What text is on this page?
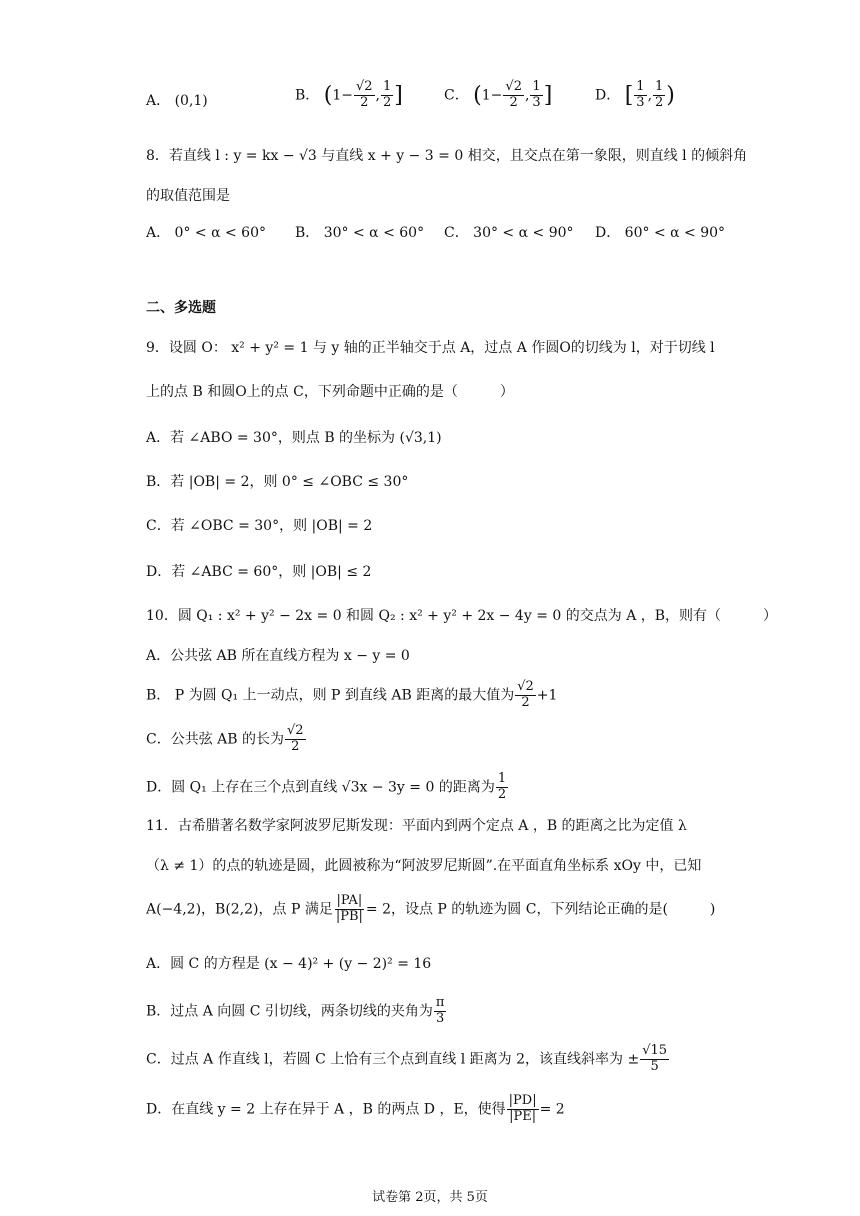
A． (0,1)	B． ($1- \frac{√2}{2}$ , $\frac{1}{2}$ ]	C． ($1- \frac{√2}{2}$ , $\frac{1}{3}$ ]	D． [ $\frac{1}{3}$ , $\frac{1}{2}$ )
8．若直线 l : y = kx − √3 与直线 x + y − 3 = 0 相交，且交点在第一象限，则直线 l 的倾斜角
的取值范围是
A． 0° < α < 60° B． 30° < α < 60° C． 30° < α < 90° D． 60° < α < 90°
二、多选题
9．设圆 O： x² + y² = 1 与 y 轴的正半轴交于点 A，过点 A 作圆O的切线为 l，对于切线 l
上的点 B 和圆O上的点 C，下列命题中正确的是（　　　）
A．若 ∠ABO = 30°，则点 B 的坐标为 (√3,1)
B．若 |OB| = 2，则 0° ≤ ∠OBC ≤ 30°
C．若 ∠OBC = 30°，则 |OB| = 2
D．若 ∠ABC = 60°，则 |OB| ≤ 2
10．圆 Q₁ : x² + y² − 2x = 0 和圆 Q₂ : x² + y² + 2x − 4y = 0 的交点为 A ，B，则有（　　　）
A．公共弦 AB 所在直线方程为 x − y = 0
B． P 为圆 Q₁ 上一动点，则 P 到直线 AB 距离的最大值为 $\frac{√2}{2} +1$
C．公共弦 AB 的长为 $\frac{√2}{2}$
D．圆 Q₁ 上存在三个点到直线 √3x − 3y = 0 的距离为 $\frac{1}{2}$
11．古希腊著名数学家阿波罗尼斯发现：平面内到两个定点 A ，B 的距离之比为定值 λ
（λ ≠ 1）的点的轨迹是圆，此圆被称为“阿波罗尼斯圆”.在平面直角坐标系 xOy 中，已知
A(−4,2)，B(2,2)，点 P 满足 $\frac{|PA|}{|PB|} = 2$，设点 P 的轨迹为圆 C，下列结论正确的是(　　　)
A．圆 C 的方程是 (x − 4)² + (y − 2)² = 16
B．过点 A 向圆 C 引切线，两条切线的夹角为 $\frac{\pi}{3}$
C．过点 A 作直线 l，若圆 C 上恰有三个点到直线 l 距离为 2，该直线斜率为 ± $\frac{√15}{5}$
D．在直线 y = 2 上存在异于 A ，B 的两点 D ，E，使得 $\frac{|PD|}{|PE|} = 2$
试卷第 2页，共 5页
